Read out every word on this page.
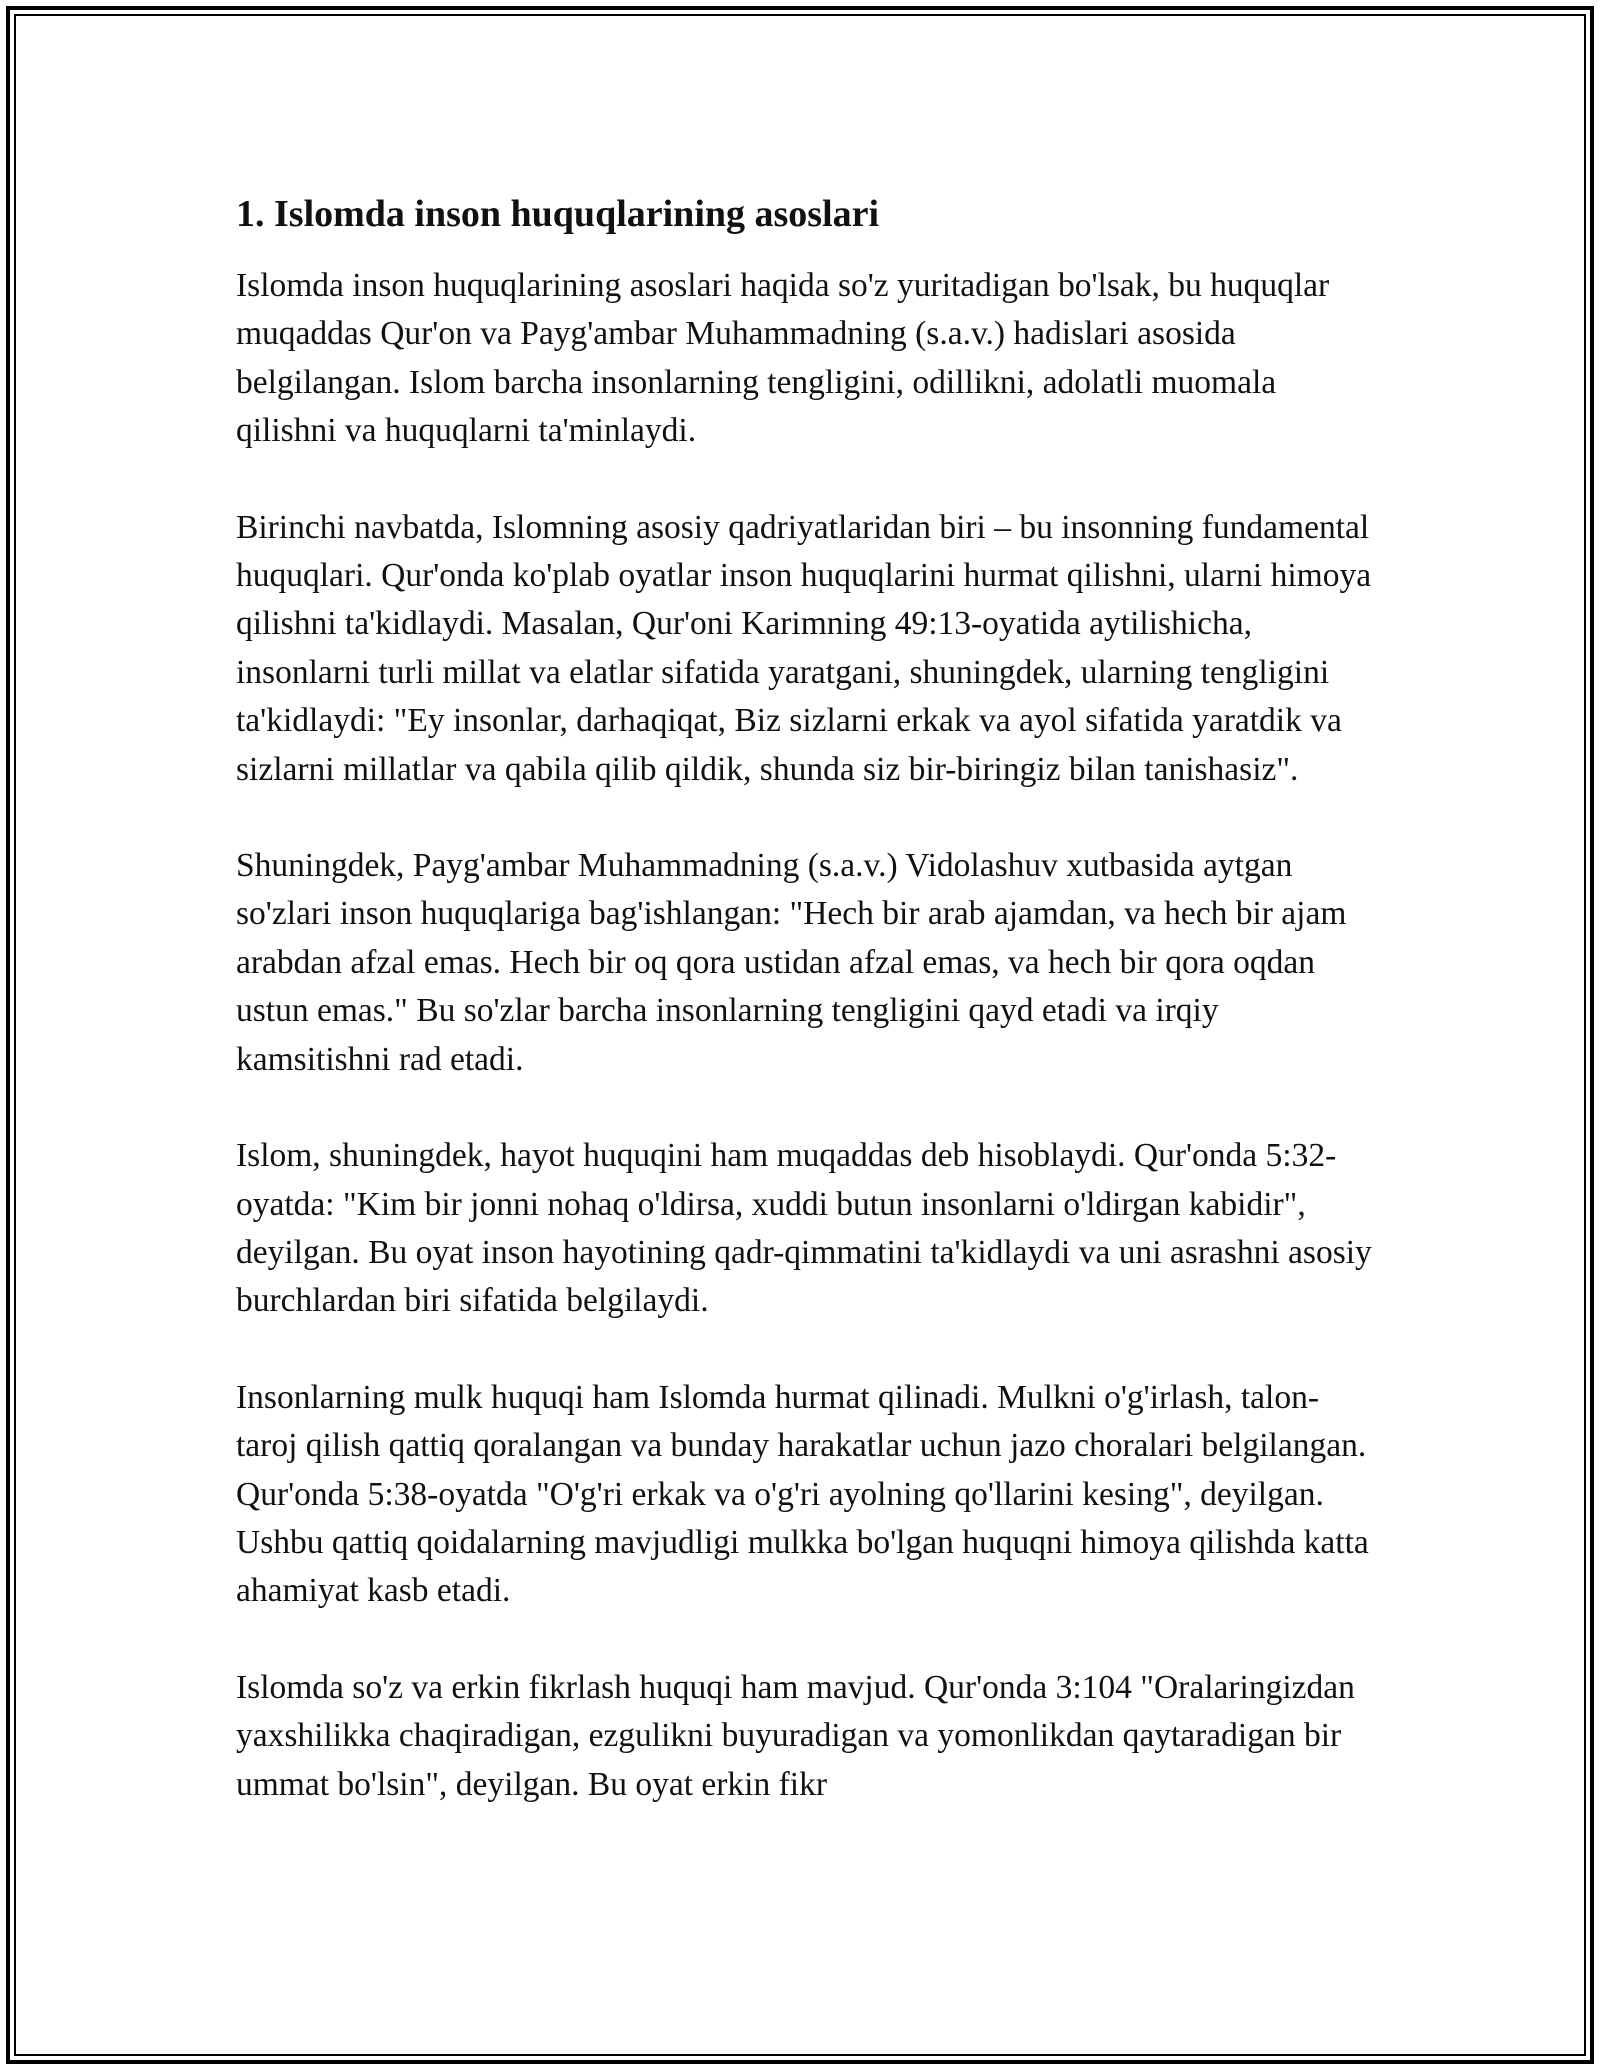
1. Islomda inson huquqlarining asoslari

Islomda inson huquqlarining asoslari haqida so'z yuritadigan bo'lsak, bu huquqlar muqaddas Qur'on va Payg'ambar Muhammadning (s.a.v.) hadislari asosida belgilangan. Islom barcha insonlarning tengligini, odillikni, adolatli muomala qilishni va huquqlarni ta'minlaydi.

Birinchi navbatda, Islomning asosiy qadriyatlaridan biri – bu insonning fundamental huquqlari. Qur'onda ko'plab oyatlar inson huquqlarini hurmat qilishni, ularni himoya qilishni ta'kidlaydi. Masalan, Qur'oni Karimning 49:13-oyatida aytilishicha, insonlarni turli millat va elatlar sifatida yaratgani, shuningdek, ularning tengligini ta'kidlaydi: "Ey insonlar, darhaqiqat, Biz sizlarni erkak va ayol sifatida yaratdik va sizlarni millatlar va qabila qilib qildik, shunda siz bir-biringiz bilan tanishasiz".

Shuningdek, Payg'ambar Muhammadning (s.a.v.) Vidolashuv xutbasida aytgan so'zlari inson huquqlariga bag'ishlangan: "Hech bir arab ajamdan, va hech bir ajam arabdan afzal emas. Hech bir oq qora ustidan afzal emas, va hech bir qora oqdan ustun emas." Bu so'zlar barcha insonlarning tengligini qayd etadi va irqiy kamsitishni rad etadi.

Islom, shuningdek, hayot huquqini ham muqaddas deb hisoblaydi. Qur'onda 5:32-oyatda: "Kim bir jonni nohaq o'ldirsa, xuddi butun insonlarni o'ldirgan kabidir", deyilgan. Bu oyat inson hayotining qadr-qimmatini ta'kidlaydi va uni asrashni asosiy burchlardan biri sifatida belgilaydi.

Insonlarning mulk huquqi ham Islomda hurmat qilinadi. Mulkni o'g'irlash, talon-taroj qilish qattiq qoralangan va bunday harakatlar uchun jazo choralari belgilangan. Qur'onda 5:38-oyatda "O'g'ri erkak va o'g'ri ayolning qo'llarini kesing", deyilgan. Ushbu qattiq qoidalarning mavjudligi mulkka bo'lgan huquqni himoya qilishda katta ahamiyat kasb etadi.

Islomda so'z va erkin fikrlash huquqi ham mavjud. Qur'onda 3:104 "Oralaringizdan yaxshilikka chaqiradigan, ezgulikni buyuradigan va yomonlikdan qaytaradigan bir ummat bo'lsin", deyilgan. Bu oyat erkin fikr
